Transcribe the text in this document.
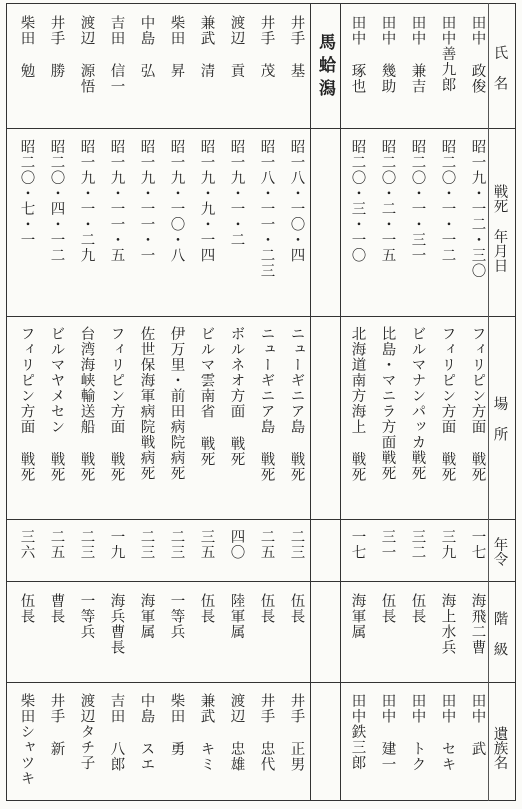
氏 名
戦死 年月日
場 所
年令
階 級
遺族名
馬蛤潟	田中 政俊
昭一九・一二・三〇
フィリピン方面 戦死
一七
海飛二曹
田中 武
田中善九郎
昭二〇・一・一二
フィリピン方面 戦死
三九
海上水兵
田中 セキ
田中 兼吉
昭二〇・一・三一
ビルマナンパッカ戦死
三二
伍長
田中 トク
田中 幾助
昭二〇・二・一五
比島・マニラ方面戦死
三一
伍長
田中 建一
田中 琢也
昭二〇・三・一〇
北海道南方海上 戦死
一七
海軍属
田中鉄三郎
井手 基
昭一八・一〇・四
ニューギニア島 戦死
二三
伍長
井手 正男
井手 茂
昭一八・一一・二三
ニューギニア島 戦死
二五
伍長
井手 忠代
渡辺 貢
昭一九・一・二
ボルネオ方面 戦死
四〇
陸軍属
渡辺 忠雄
兼武 清
昭一九・九・一四
ビルマ雲南省 戦死
三五
伍長
兼武 キミ
柴田 昇
昭一九・一〇・八
伊万里・前田病院病死
二三
一等兵
柴田 勇
中島 弘
昭一九・一一・一
佐世保海軍病院戦病死
二三
海軍属
中島 スエ
吉田 信一
昭一九・一一・五
フィリピン方面 戦死
一九
海兵曹長
吉田 八郎
渡辺 源悟
昭一九・一・二九
台湾海峡輸送船 戦死
二三
一等兵
渡辺タチ子
井手 勝
昭二〇・四・一二
ビルマヤメセン 戦死
二五
曹長
井手 新
柴田 勉
昭二〇・七・一
フィリピン方面 戦死
三六
伍長
柴田シャツキ
